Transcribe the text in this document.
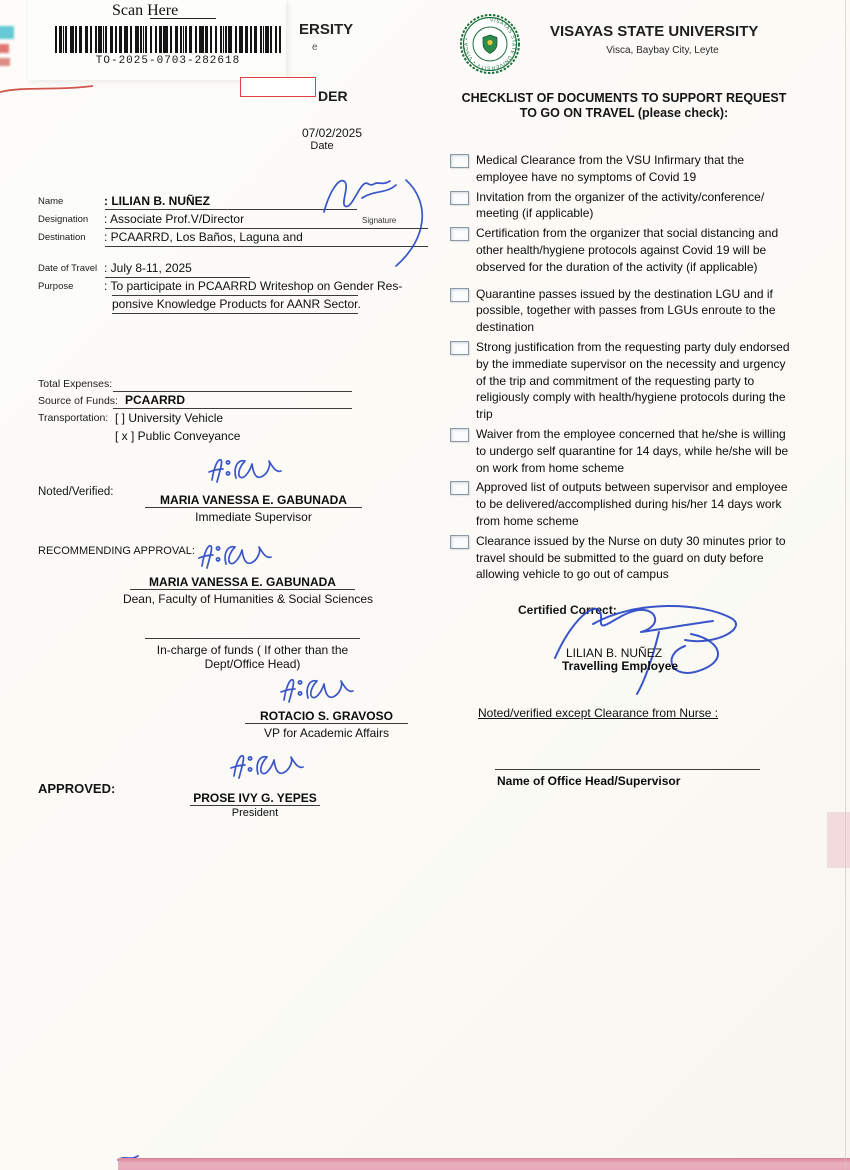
Scan Here
TO-2025-0703-282618
ERSITY
e
DER
07/02/2025
Date
Name	: LILIAN B. NUÑEZ
Designation	: Associate Prof.V/Director	Signature
Destination	: PCAARRD, Los Baños, Laguna and
Date of Travel	: July 8-11, 2025
Purpose	: To participate in PCAARRD Writeshop on Gender Res-
ponsive Knowledge Products for AANR Sector.
Total Expenses:
Source of Funds: PCAARRD
Transportation: [ ] University Vehicle
[ x ] Public Conveyance
Noted/Verified:
MARIA VANESSA E. GABUNADA
Immediate Supervisor
RECOMMENDING APPROVAL:
MARIA VANESSA E. GABUNADA
Dean, Faculty of Humanities & Social Sciences
In-charge of funds ( If other than the
Dept/Office Head)
ROTACIO S. GRAVOSO
VP for Academic Affairs
APPROVED:
PROSE IVY G. YEPES
President
VISAYAS STATE UNIVERSITY • VISCA •	VISAYAS STATE UNIVERSITY
Visca, Baybay City, Leyte
CHECKLIST OF DOCUMENTS TO SUPPORT REQUEST
TO GO ON TRAVEL (please check):
Medical Clearance from the VSU Infirmary that the employee have no symptoms of Covid 19
Invitation from the organizer of the activity/conference/ meeting (if applicable)
Certification from the organizer that social distancing and other health/hygiene protocols against Covid 19 will be observed for the duration of the activity (if applicable)
Quarantine passes issued by the destination LGU and if possible, together with passes from LGUs enroute to the destination
Strong justification from the requesting party duly endorsed by the immediate supervisor on the necessity and urgency of the trip and commitment of the requesting party to religiously comply with health/hygiene protocols during the trip
Waiver from the employee concerned that he/she is willing to undergo self quarantine for 14 days, while he/she will be on work from home scheme
Approved list of outputs between supervisor and employee to be delivered/accomplished during his/her 14 days work from home scheme
Clearance issued by the Nurse on duty 30 minutes prior to travel should be submitted to the guard on duty before allowing vehicle to go out of campus
Certified Correct:
LILIAN B. NUÑEZ
Travelling Employee
Noted/verified except Clearance from Nurse :
Name of Office Head/Supervisor
